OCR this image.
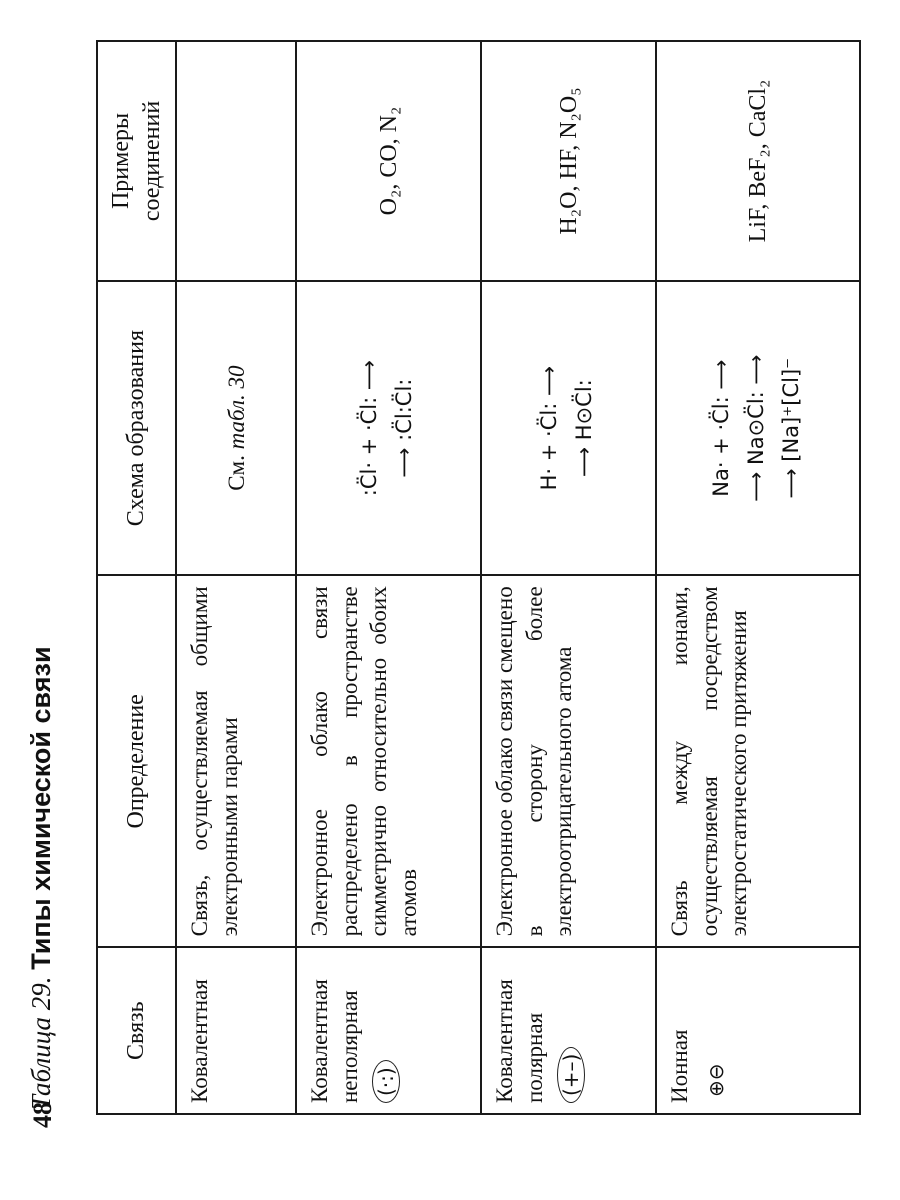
48
Таблица 29. Типы химической связи
Связь	Определение	Схема образования	Примеры соединений
Ковалентная	Связь, осуществляемая общими электронными парами	См. табл. 30	

Ковалентная неполярная (·:)	Электронное облако связи распределено в пространстве симметрично относительно обоих атомов	:C̈l· + ·C̈l: ⟶ ⟶ :C̈l:C̈l:	O₂, CO, N₂

Ковалентная полярная (+–)	Электронное облако связи смещено в сторону более электроотрицательного атома	H· + ·C̈l: ⟶ ⟶ H⊙C̈l:	H₂O, HF, N₂O₅

Ионная ⊕⊖	Связь между ионами, осуществляемая посредством электростатического притяжения	Na· + ·C̈l: ⟶ ⟶ Na⊙C̈l: ⟶ ⟶ [Na]⁺[Cl]⁻	LiF, BeF₂, CaCl₂
